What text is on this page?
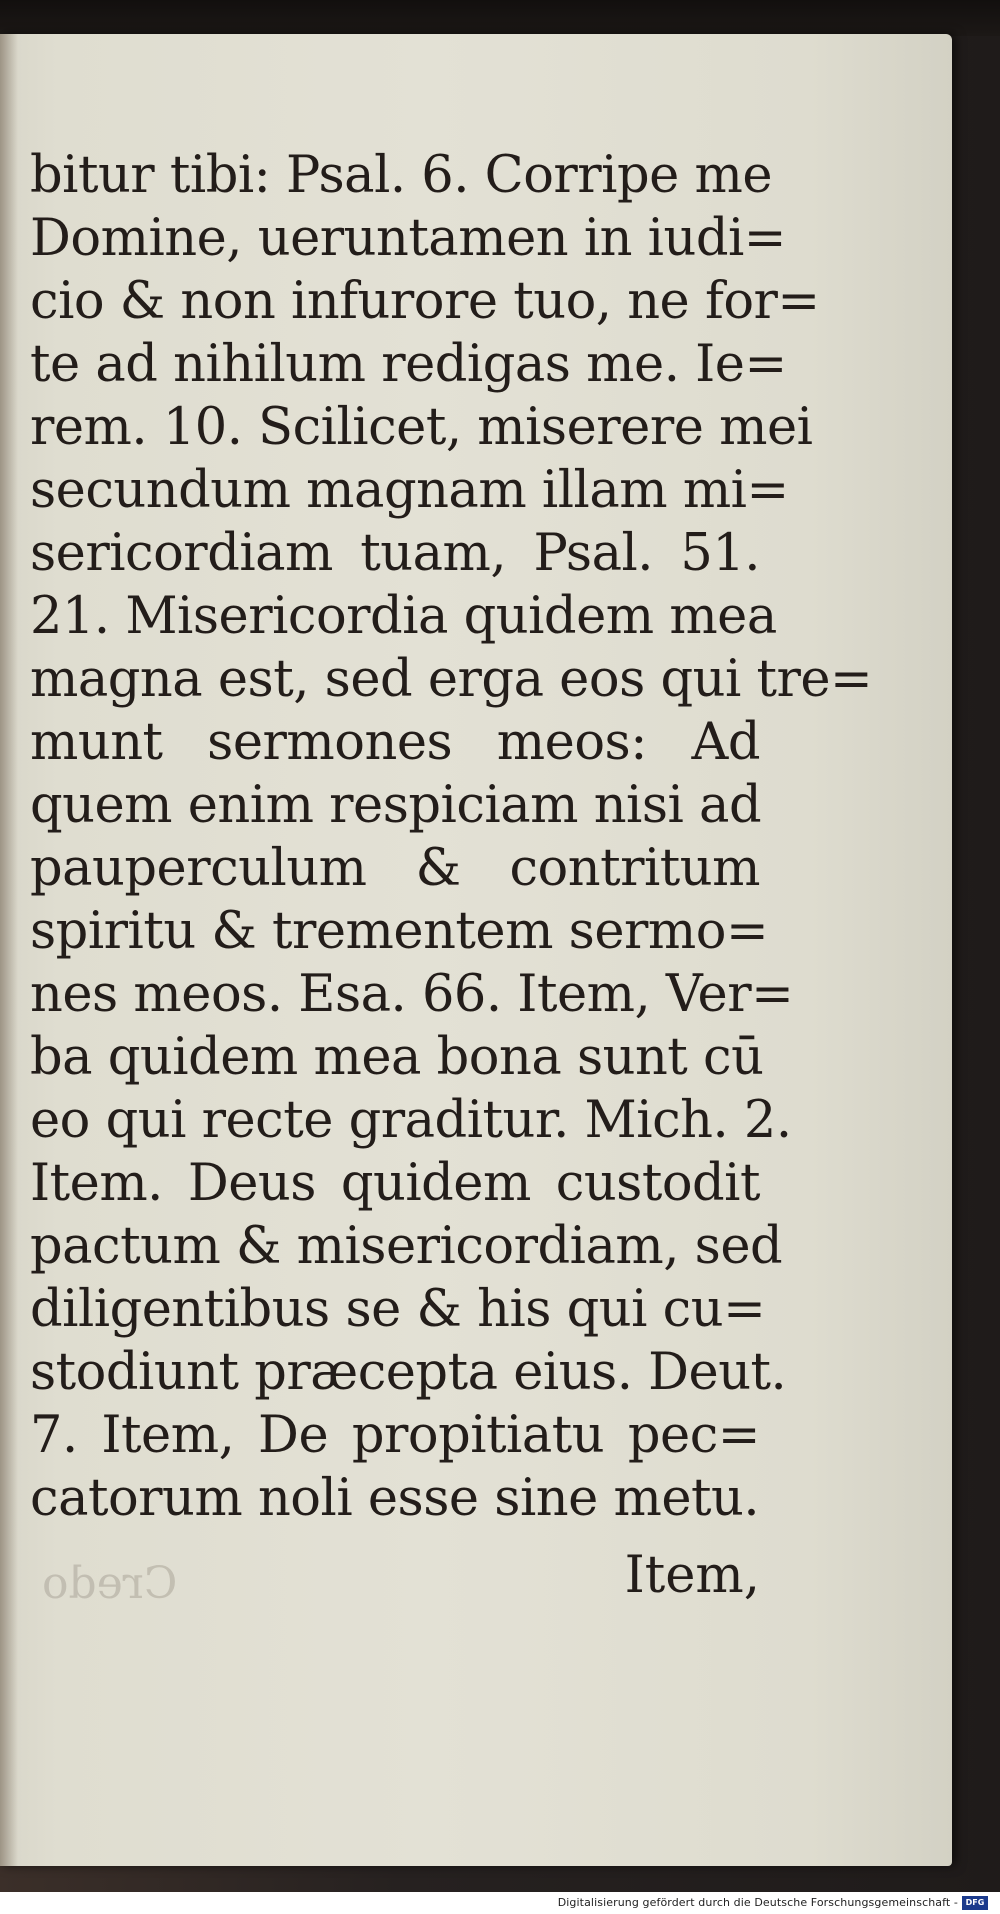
bitur tibi: Psal. 6. Corripe me
Domine, ueruntamen in iudi=
cio & non infurore tuo, ne for=
te ad nihilum redigas me. Ie=
rem. 10. Scilicet, miserere mei
secundum magnam illam mi=
sericordiam tuam, Psal. 51.
21. Misericordia quidem mea
magna est, sed erga eos qui tre=
munt sermones meos: Ad
quem enim respiciam nisi ad
pauperculum & contritum
spiritu & trementem sermo=
nes meos. Esa. 66. Item, Ver=
ba quidem mea bona sunt cū
eo qui recte graditur. Mich. 2.
Item. Deus quidem custodit
pactum & misericordiam, sed
diligentibus se & his qui cu=
stodiunt præcepta eius. Deut.
7. Item, De propitiatu pec=
catorum noli esse sine metu.
Credo	Item,
Digitalisierung gefördert durch die Deutsche Forschungsgemeinschaft - DFG
